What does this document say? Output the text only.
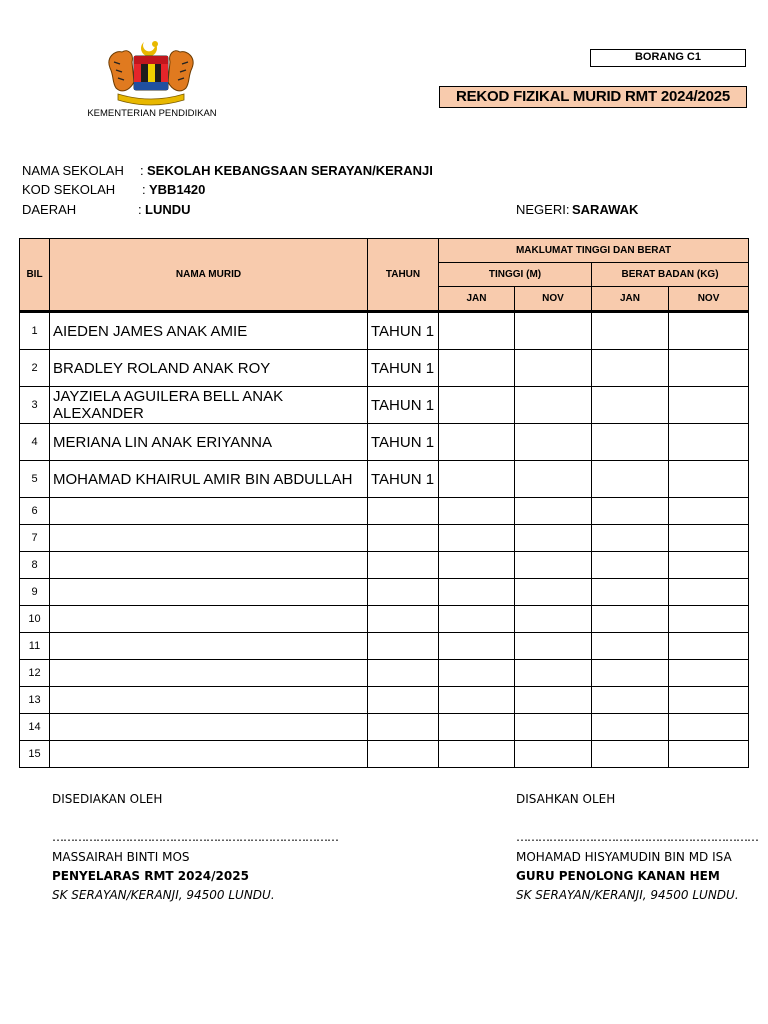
KEMENTERIAN PENDIDIKAN
BORANG C1
REKOD FIZIKAL MURID RMT 2024/2025
NAMA SEKOLAH : SEKOLAH KEBANGSAAN SERAYAN/KERANJI
KOD SEKOLAH : YBB1420
DAERAH	: LUNDU	NEGERI: SARAWAK
BIL	NAMA MURID	TAHUN	MAKLUMAT TINGGI DAN BERAT			
			TINGGI (M)		BERAT BADAN (KG)	
			JAN	NOV	JAN	NOV
1	AIEDEN JAMES ANAK AMIE	TAHUN 1				
2	BRADLEY ROLAND ANAK ROY	TAHUN 1				
3	JAYZIELA AGUILERA BELL ANAK ALEXANDER	TAHUN 1				
4	MERIANA LIN ANAK ERIYANNA	TAHUN 1				
5	MOHAMAD KHAIRUL AMIR BIN ABDULLAH	TAHUN 1				
6						
7						
8						
9						
10						
11						
12						
13						
14						
15						
DISEDIAKAN OLEH
……………………………………………………………………
MASSAIRAH BINTI MOS
PENYELARAS RMT 2024/2025
SK SERAYAN/KERANJI, 94500 LUNDU.
DISAHKAN OLEH
…………………………………………………………
MOHAMAD HISYAMUDIN BIN MD ISA
GURU PENOLONG KANAN HEM
SK SERAYAN/KERANJI, 94500 LUNDU.
